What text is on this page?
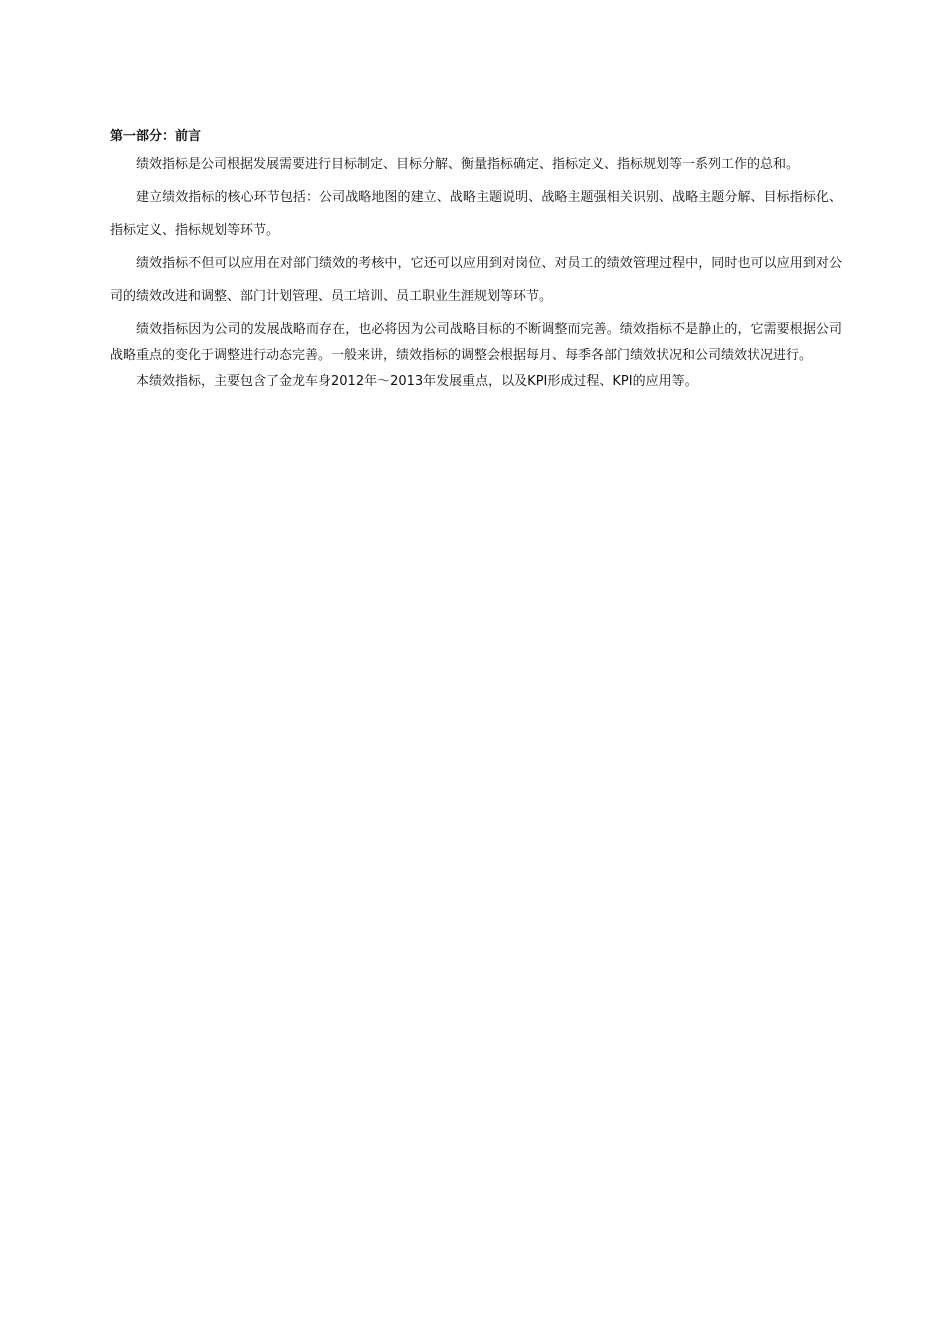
第一部分：前言

绩效指标是公司根据发展需要进行目标制定、目标分解、衡量指标确定、指标定义、指标规划等一系列工作的总和。

建立绩效指标的核心环节包括：公司战略地图的建立、战略主题说明、战略主题强相关识别、战略主题分解、目标指标化、指标定义、指标规划等环节。

绩效指标不但可以应用在对部门绩效的考核中，它还可以应用到对岗位、对员工的绩效管理过程中，同时也可以应用到对公司的绩效改进和调整、部门计划管理、员工培训、员工职业生涯规划等环节。

绩效指标因为公司的发展战略而存在，也必将因为公司战略目标的不断调整而完善。绩效指标不是静止的，它需要根据公司战略重点的变化于调整进行动态完善。一般来讲，绩效指标的调整会根据每月、每季各部门绩效状况和公司绩效状况进行。

本绩效指标，主要包含了金龙车身2012年～2013年发展重点，以及KPI形成过程、KPI的应用等。
